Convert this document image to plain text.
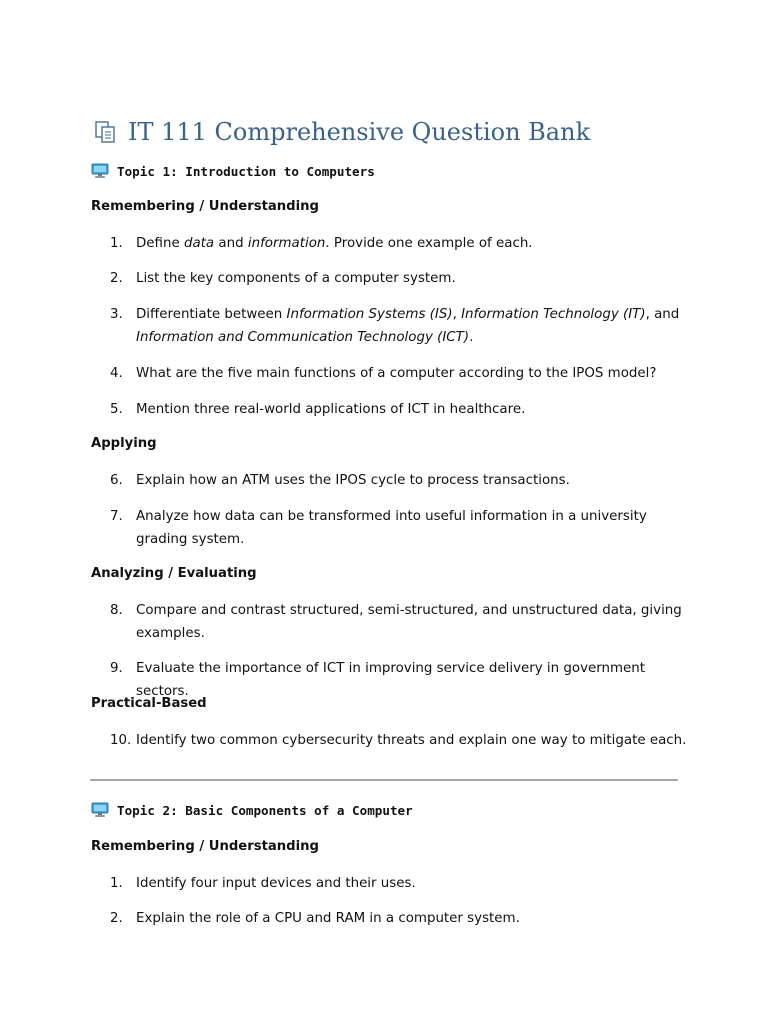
IT 111 Comprehensive Question Bank
Topic 1: Introduction to Computers
Remembering / Understanding
1. Define data and information. Provide one example of each.
2. List the key components of a computer system.
3. Differentiate between Information Systems (IS), Information Technology (IT), and Information and Communication Technology (ICT).
4. What are the five main functions of a computer according to the IPOS model?
5. Mention three real-world applications of ICT in healthcare.
Applying
6. Explain how an ATM uses the IPOS cycle to process transactions.
7. Analyze how data can be transformed into useful information in a university grading system.
Analyzing / Evaluating
8. Compare and contrast structured, semi-structured, and unstructured data, giving examples.
9. Evaluate the importance of ICT in improving service delivery in government sectors.
Practical-Based
10. Identify two common cybersecurity threats and explain one way to mitigate each.
Topic 2: Basic Components of a Computer
Remembering / Understanding
1. Identify four input devices and their uses.
2. Explain the role of a CPU and RAM in a computer system.
